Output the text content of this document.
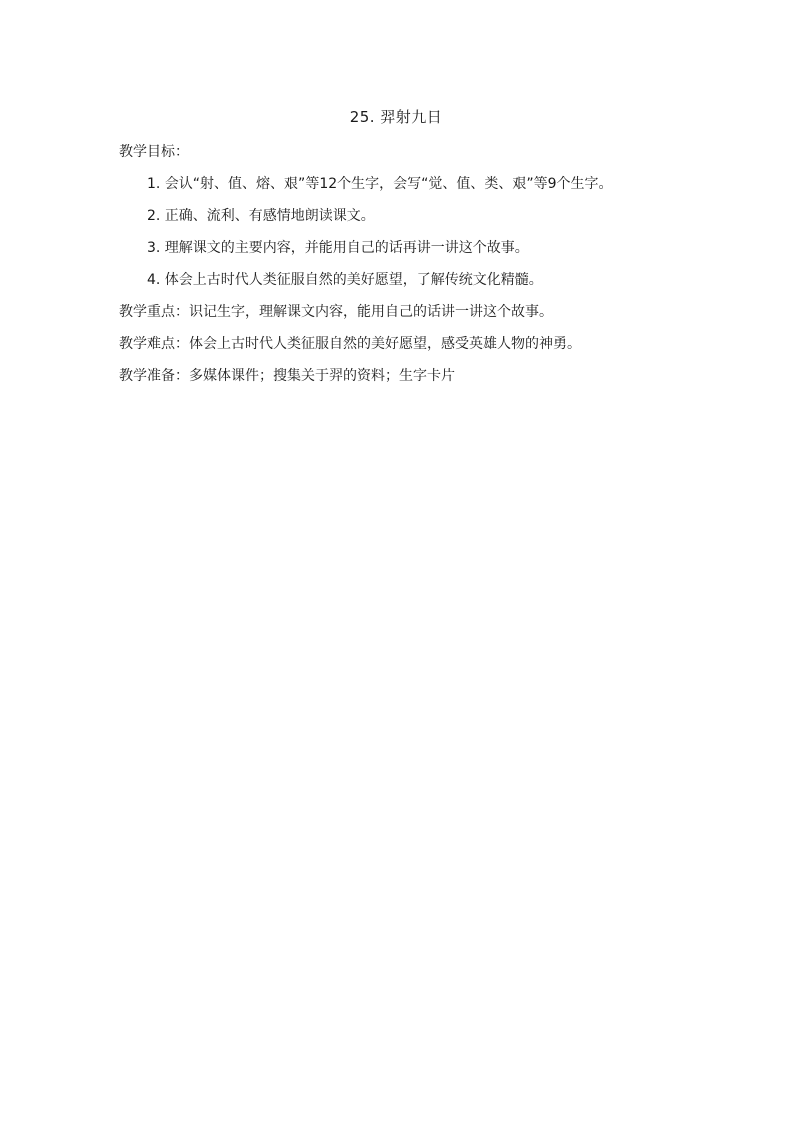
25. 羿射九日
教学目标：
1. 会认“射、值、熔、艰”等12个生字，会写“觉、值、类、艰”等9个生字。
2. 正确、流利、有感情地朗读课文。
3. 理解课文的主要内容，并能用自己的话再讲一讲这个故事。
4. 体会上古时代人类征服自然的美好愿望，了解传统文化精髓。
教学重点：识记生字，理解课文内容，能用自己的话讲一讲这个故事。
教学难点：体会上古时代人类征服自然的美好愿望，感受英雄人物的神勇。
教学准备：多媒体课件；搜集关于羿的资料；生字卡片
